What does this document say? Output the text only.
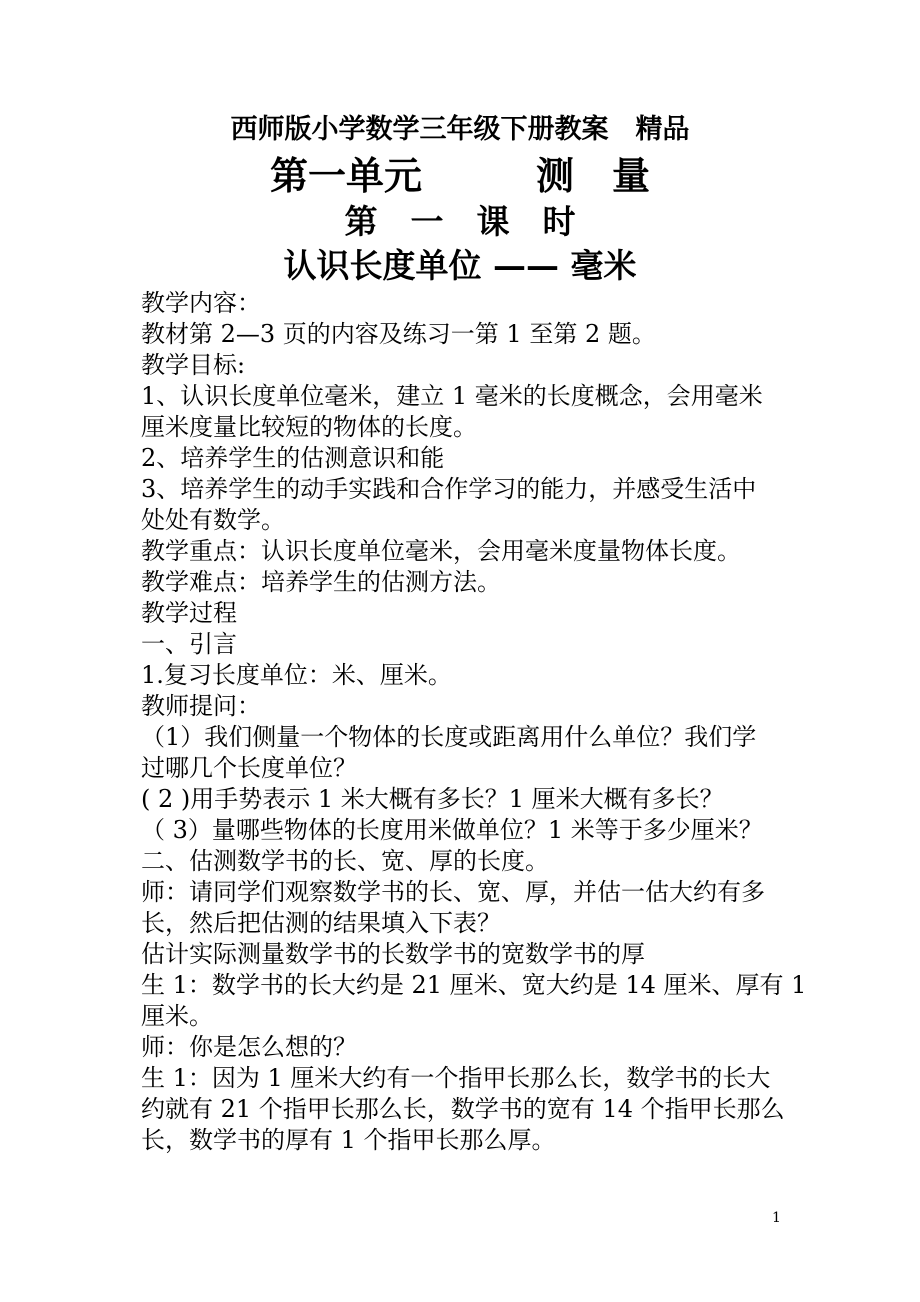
西师版小学数学三年级下册教案　精品
第一单元　　　测　量
第　一　课　时
认识长度单位 —— 毫米

教学内容：

教材第 2—3 页的内容及练习一第 1 至第 2 题。

教学目标:

1、认识长度单位毫米，建立 1 毫米的长度概念，会用毫米

厘米度量比较短的物体的长度。

2、培养学生的估测意识和能

3、培养学生的动手实践和合作学习的能力，并感受生活中

处处有数学。

教学重点：认识长度单位毫米，会用毫米度量物体长度。

教学难点：培养学生的估测方法。

教学过程

一、引言

1.复习长度单位：米、厘米。

教师提问：

（1）我们侧量一个物体的长度或距离用什么单位？我们学

过哪几个长度单位？

( 2 )用手势表示 1 米大概有多长？1 厘米大概有多长？

（ 3）量哪些物体的长度用米做单位？1 米等于多少厘米？

二、估测数学书的长、宽、厚的长度。

师：请同学们观察数学书的长、宽、厚，并估一估大约有多

长，然后把估测的结果填入下表？

估计实际测量数学书的长数学书的宽数学书的厚

生 1：数学书的长大约是 21 厘米、宽大约是 14 厘米、厚有 1

厘米。

师：你是怎么想的？

生 1：因为 1 厘米大约有一个指甲长那么长，数学书的长大

约就有 21 个指甲长那么长，数学书的宽有 14 个指甲长那么

长，数学书的厚有 1 个指甲长那么厚。

1
